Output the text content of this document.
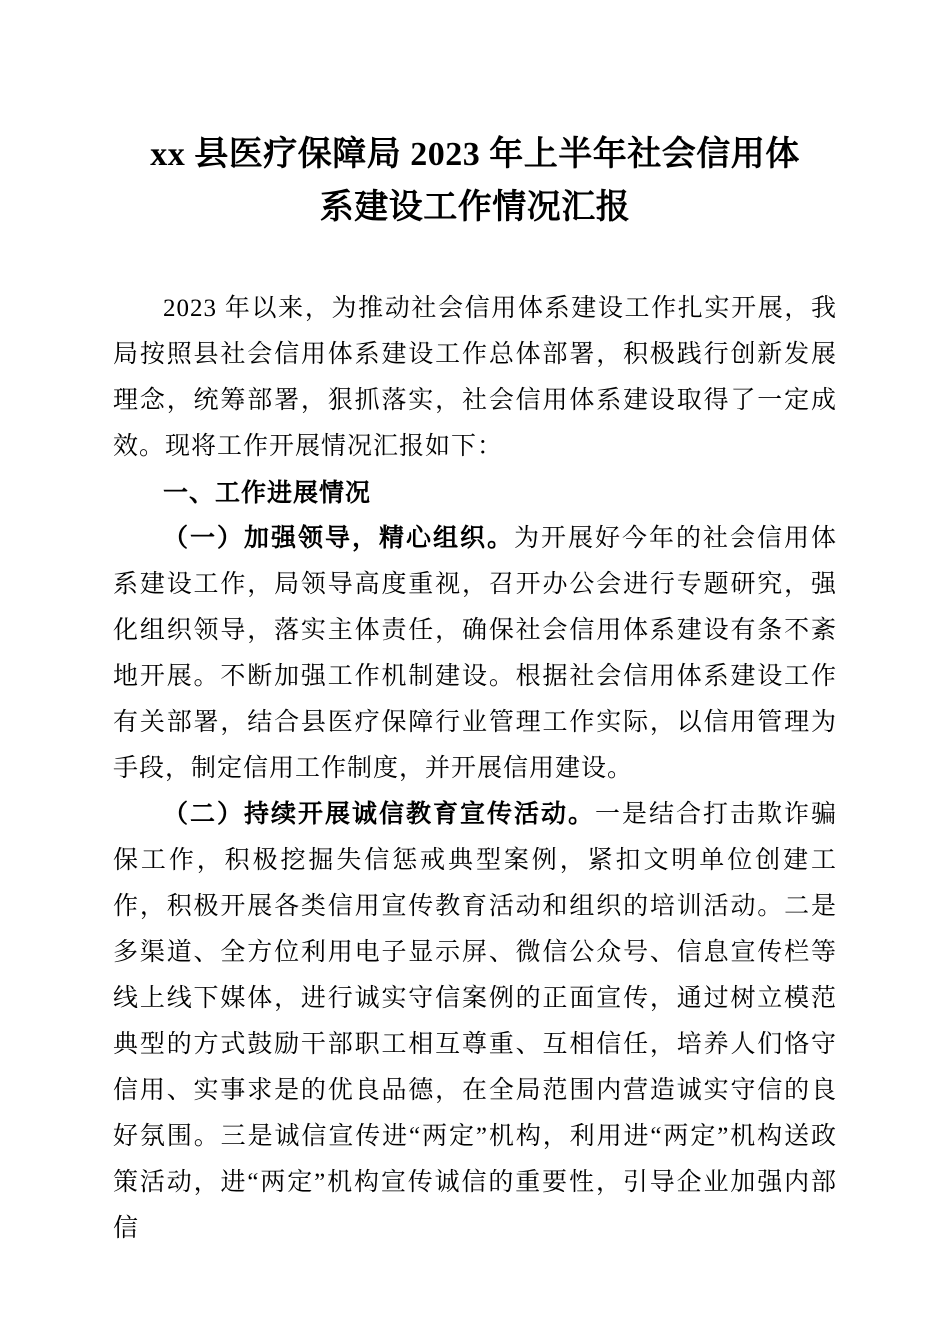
xx 县医疗保障局 2023 年上半年社会信用体系建设工作情况汇报

2023 年以来，为推动社会信用体系建设工作扎实开展，我局按照县社会信用体系建设工作总体部署，积极践行创新发展理念，统筹部署，狠抓落实，社会信用体系建设取得了一定成效。现将工作开展情况汇报如下：

一、工作进展情况

（一）加强领导，精心组织。为开展好今年的社会信用体系建设工作，局领导高度重视，召开办公会进行专题研究，强化组织领导，落实主体责任，确保社会信用体系建设有条不紊地开展。不断加强工作机制建设。根据社会信用体系建设工作有关部署，结合县医疗保障行业管理工作实际，以信用管理为手段，制定信用工作制度，并开展信用建设。

（二）持续开展诚信教育宣传活动。一是结合打击欺诈骗保工作，积极挖掘失信惩戒典型案例，紧扣文明单位创建工作，积极开展各类信用宣传教育活动和组织的培训活动。二是多渠道、全方位利用电子显示屏、微信公众号、信息宣传栏等线上线下媒体，进行诚实守信案例的正面宣传，通过树立模范典型的方式鼓励干部职工相互尊重、互相信任，培养人们恪守信用、实事求是的优良品德，在全局范围内营造诚实守信的良好氛围。三是诚信宣传进“两定”机构，利用进“两定”机构送政策活动，进“两定”机构宣传诚信的重要性，引导企业加强内部信
